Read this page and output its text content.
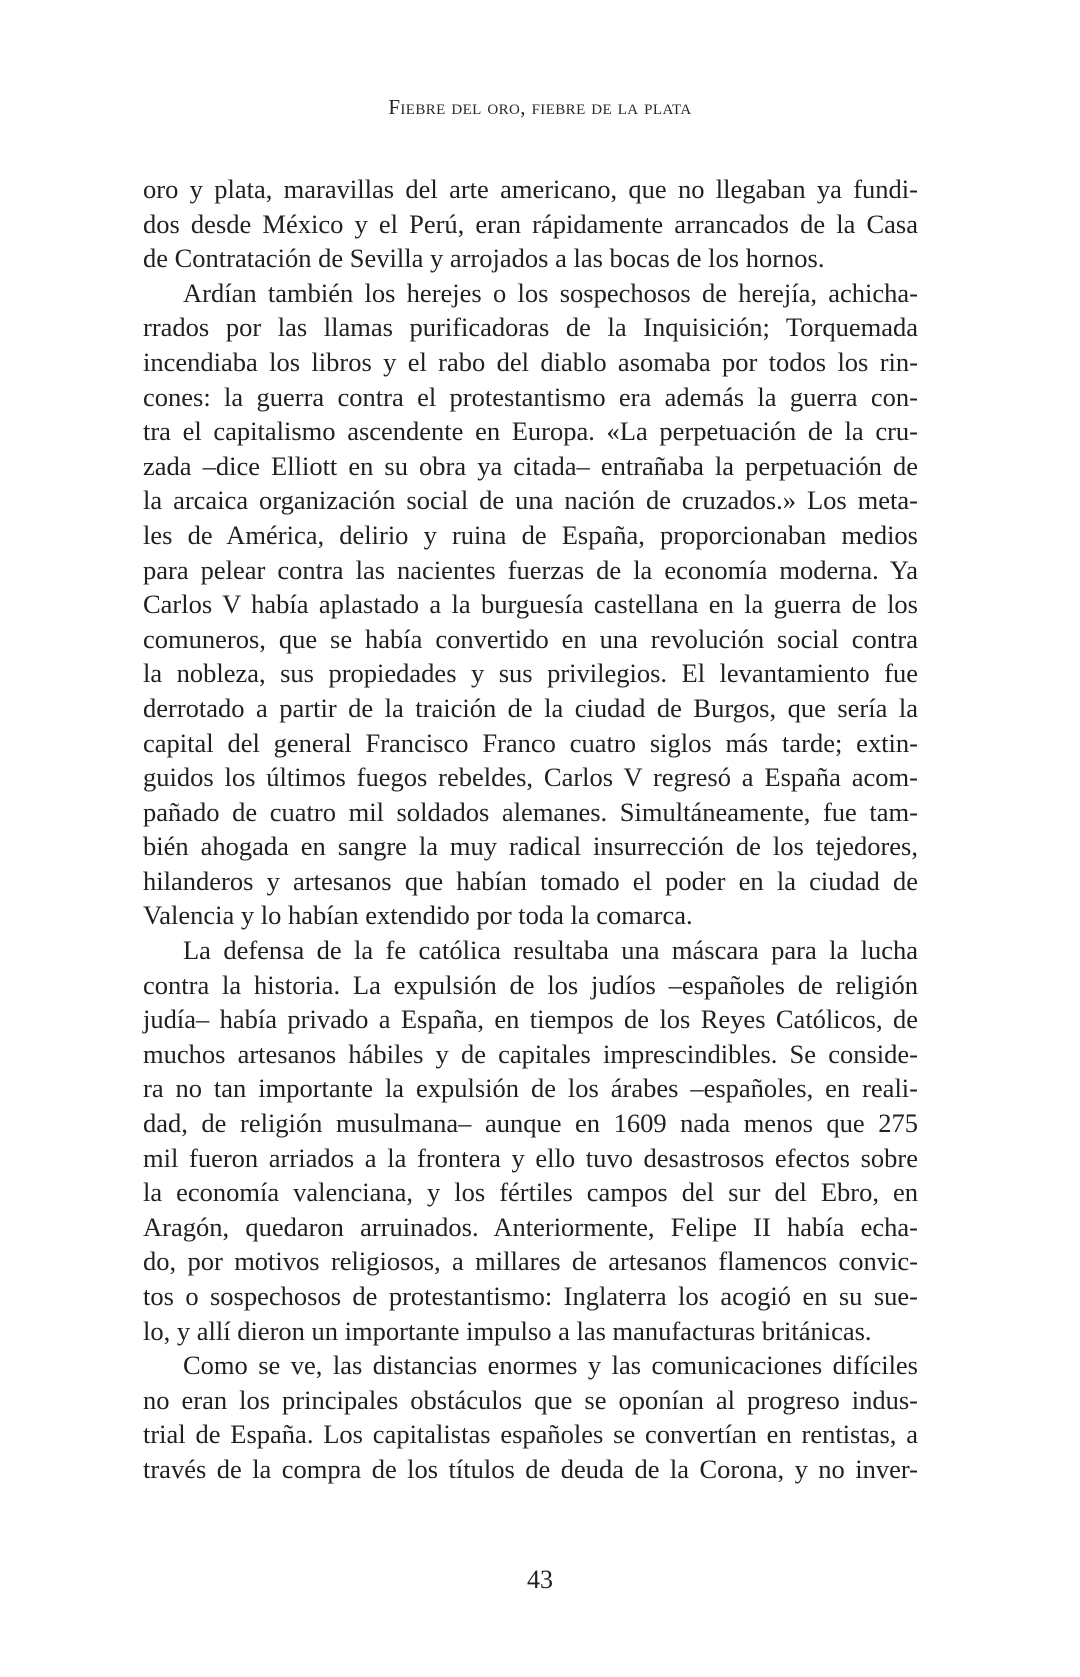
Fiebre del oro, fiebre de la plata

oro y plata, maravillas del arte americano, que no llegaban ya fundi-
dos desde México y el Perú, eran rápidamente arrancados de la Casa
de Contratación de Sevilla y arrojados a las bocas de los hornos.

Ardían también los herejes o los sospechosos de herejía, achicha-
rrados por las llamas purificadoras de la Inquisición; Torquemada
incendiaba los libros y el rabo del diablo asomaba por todos los rin-
cones: la guerra contra el protestantismo era además la guerra con-
tra el capitalismo ascendente en Europa. «La perpetuación de la cru-
zada –dice Elliott en su obra ya citada– entrañaba la perpetuación de
la arcaica organización social de una nación de cruzados.» Los meta-
les de América, delirio y ruina de España, proporcionaban medios
para pelear contra las nacientes fuerzas de la economía moderna. Ya
Carlos V había aplastado a la burguesía castellana en la guerra de los
comuneros, que se había convertido en una revolución social contra
la nobleza, sus propiedades y sus privilegios. El levantamiento fue
derrotado a partir de la traición de la ciudad de Burgos, que sería la
capital del general Francisco Franco cuatro siglos más tarde; extin-
guidos los últimos fuegos rebeldes, Carlos V regresó a España acom-
pañado de cuatro mil soldados alemanes. Simultáneamente, fue tam-
bién ahogada en sangre la muy radical insurrección de los tejedores,
hilanderos y artesanos que habían tomado el poder en la ciudad de
Valencia y lo habían extendido por toda la comarca.

La defensa de la fe católica resultaba una máscara para la lucha
contra la historia. La expulsión de los judíos –españoles de religión
judía– había privado a España, en tiempos de los Reyes Católicos, de
muchos artesanos hábiles y de capitales imprescindibles. Se conside-
ra no tan importante la expulsión de los árabes –españoles, en reali-
dad, de religión musulmana– aunque en 1609 nada menos que 275
mil fueron arriados a la frontera y ello tuvo desastrosos efectos sobre
la economía valenciana, y los fértiles campos del sur del Ebro, en
Aragón, quedaron arruinados. Anteriormente, Felipe II había echa-
do, por motivos religiosos, a millares de artesanos flamencos convic-
tos o sospechosos de protestantismo: Inglaterra los acogió en su sue-
lo, y allí dieron un importante impulso a las manufacturas británicas.

Como se ve, las distancias enormes y las comunicaciones difíciles
no eran los principales obstáculos que se oponían al progreso indus-
trial de España. Los capitalistas españoles se convertían en rentistas, a
través de la compra de los títulos de deuda de la Corona, y no inver-

43
